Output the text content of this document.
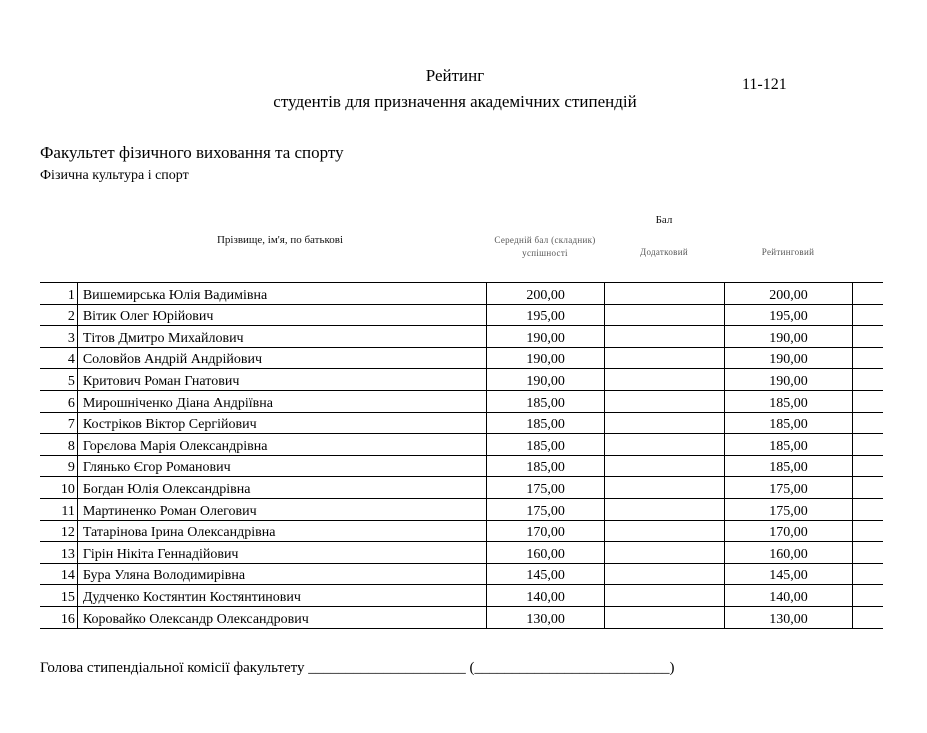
Рейтинг
студентів для призначення академічних стипендій
11-121
Факультет фізичного виховання та спорту
Фізична культура і спорт
Прізвище, ім'я, по батькові
Бал
Середній бал (складник) успішності	Додатковий	Рейтинговий
1	Вишемирська Юлія Вадимівна	200,00		200,00	
2	Вітик Олег Юрійович	195,00		195,00	
3	Тітов Дмитро Михайлович	190,00		190,00	
4	Соловйов Андрій Андрійович	190,00		190,00	
5	Критович Роман Гнатович	190,00		190,00	
6	Мирошніченко Діана Андріївна	185,00		185,00	
7	Костріков Віктор Сергійович	185,00		185,00	
8	Горєлова Марія Олександрівна	185,00		185,00	
9	Глянько Єгор Романович	185,00		185,00	
10	Богдан Юлія Олександрівна	175,00		175,00	
11	Мартиненко Роман Олегович	175,00		175,00	
12	Татарінова Ірина Олександрівна	170,00		170,00	
13	Гірін Нікіта Геннадійович	160,00		160,00	
14	Бура Уляна Володимирівна	145,00		145,00	
15	Дудченко Костянтин Костянтинович	140,00		140,00	
16	Коровайко Олександр Олександрович	130,00		130,00	
Голова стипендіальної комісії факультету _____________________ (__________________________)
